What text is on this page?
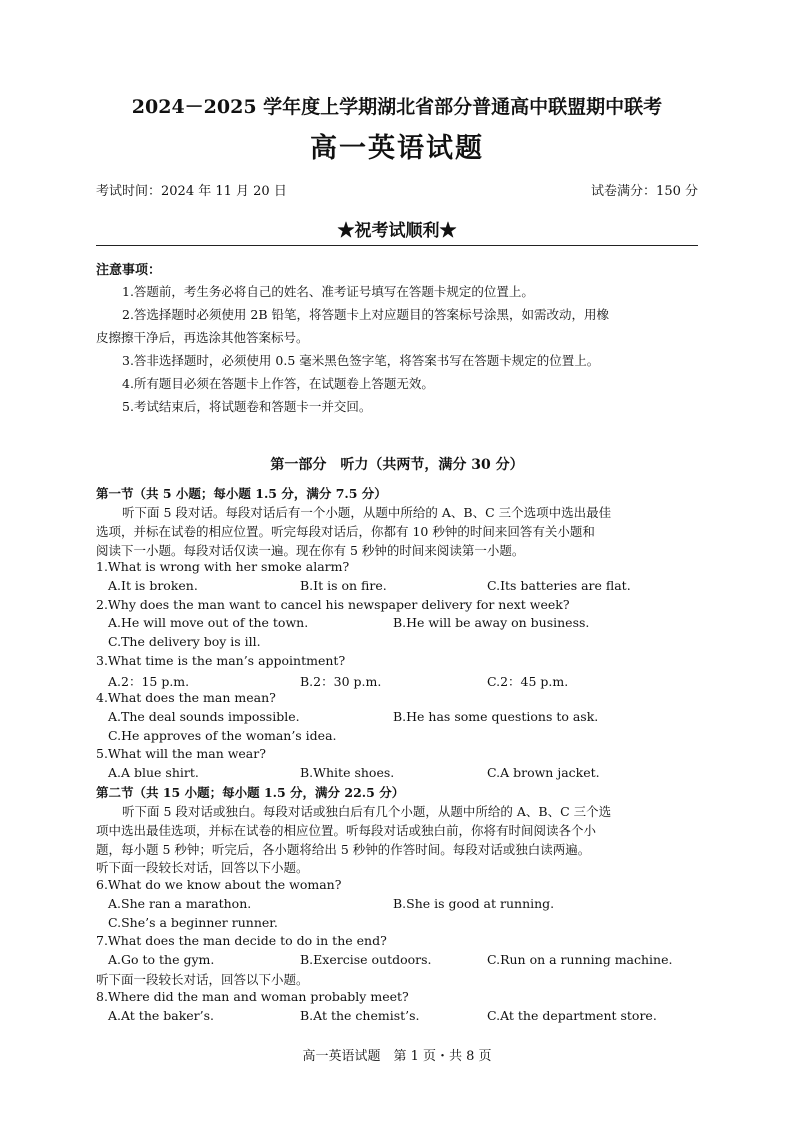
2024－2025 学年度上学期湖北省部分普通高中联盟期中联考
高一英语试题
考试时间：2024 年 11 月 20 日	试卷满分：150 分
★祝考试顺利★
注意事项：
1.答题前，考生务必将自己的姓名、准考证号填写在答题卡规定的位置上。
2.答选择题时必须使用 2B 铅笔，将答题卡上对应题目的答案标号涂黑，如需改动，用橡
皮擦擦干净后，再选涂其他答案标号。
3.答非选择题时，必须使用 0.5 毫米黑色签字笔，将答案书写在答题卡规定的位置上。
4.所有题目必须在答题卡上作答，在试题卷上答题无效。
5.考试结束后，将试题卷和答题卡一并交回。
第一部分　听力（共两节，满分 30 分）
第一节（共 5 小题；每小题 1.5 分，满分 7.5 分）
听下面 5 段对话。每段对话后有一个小题，从题中所给的 A、B、C 三个选项中选出最佳
选项，并标在试卷的相应位置。听完每段对话后，你都有 10 秒钟的时间来回答有关小题和
阅读下一小题。每段对话仅读一遍。现在你有 5 秒钟的时间来阅读第一小题。
1.What is wrong with her smoke alarm?
A.It is broken.	B.It is on fire.	C.Its batteries are flat.
2.Why does the man want to cancel his newspaper delivery for next week?
A.He will move out of the town.	B.He will be away on business.
C.The delivery boy is ill.
3.What time is the man’s appointment?
A.2：15 p.m.	B.2：30 p.m.	C.2：45 p.m.
4.What does the man mean?
A.The deal sounds impossible.	B.He has some questions to ask.
C.He approves of the woman’s idea.
5.What will the man wear?
A.A blue shirt.	B.White shoes.	C.A brown jacket.
第二节（共 15 小题；每小题 1.5 分，满分 22.5 分）
听下面 5 段对话或独白。每段对话或独白后有几个小题，从题中所给的 A、B、C 三个选
项中选出最佳选项，并标在试卷的相应位置。听每段对话或独白前，你将有时间阅读各个小
题，每小题 5 秒钟；听完后，各小题将给出 5 秒钟的作答时间。每段对话或独白读两遍。
听下面一段较长对话，回答以下小题。
6.What do we know about the woman?
A.She ran a marathon.	B.She is good at running.
C.She’s a beginner runner.
7.What does the man decide to do in the end?
A.Go to the gym.	B.Exercise outdoors.	C.Run on a running machine.
听下面一段较长对话，回答以下小题。
8.Where did the man and woman probably meet?
A.At the baker’s.	B.At the chemist’s.	C.At the department store.
高一英语试题　第 1 页・共 8 页
